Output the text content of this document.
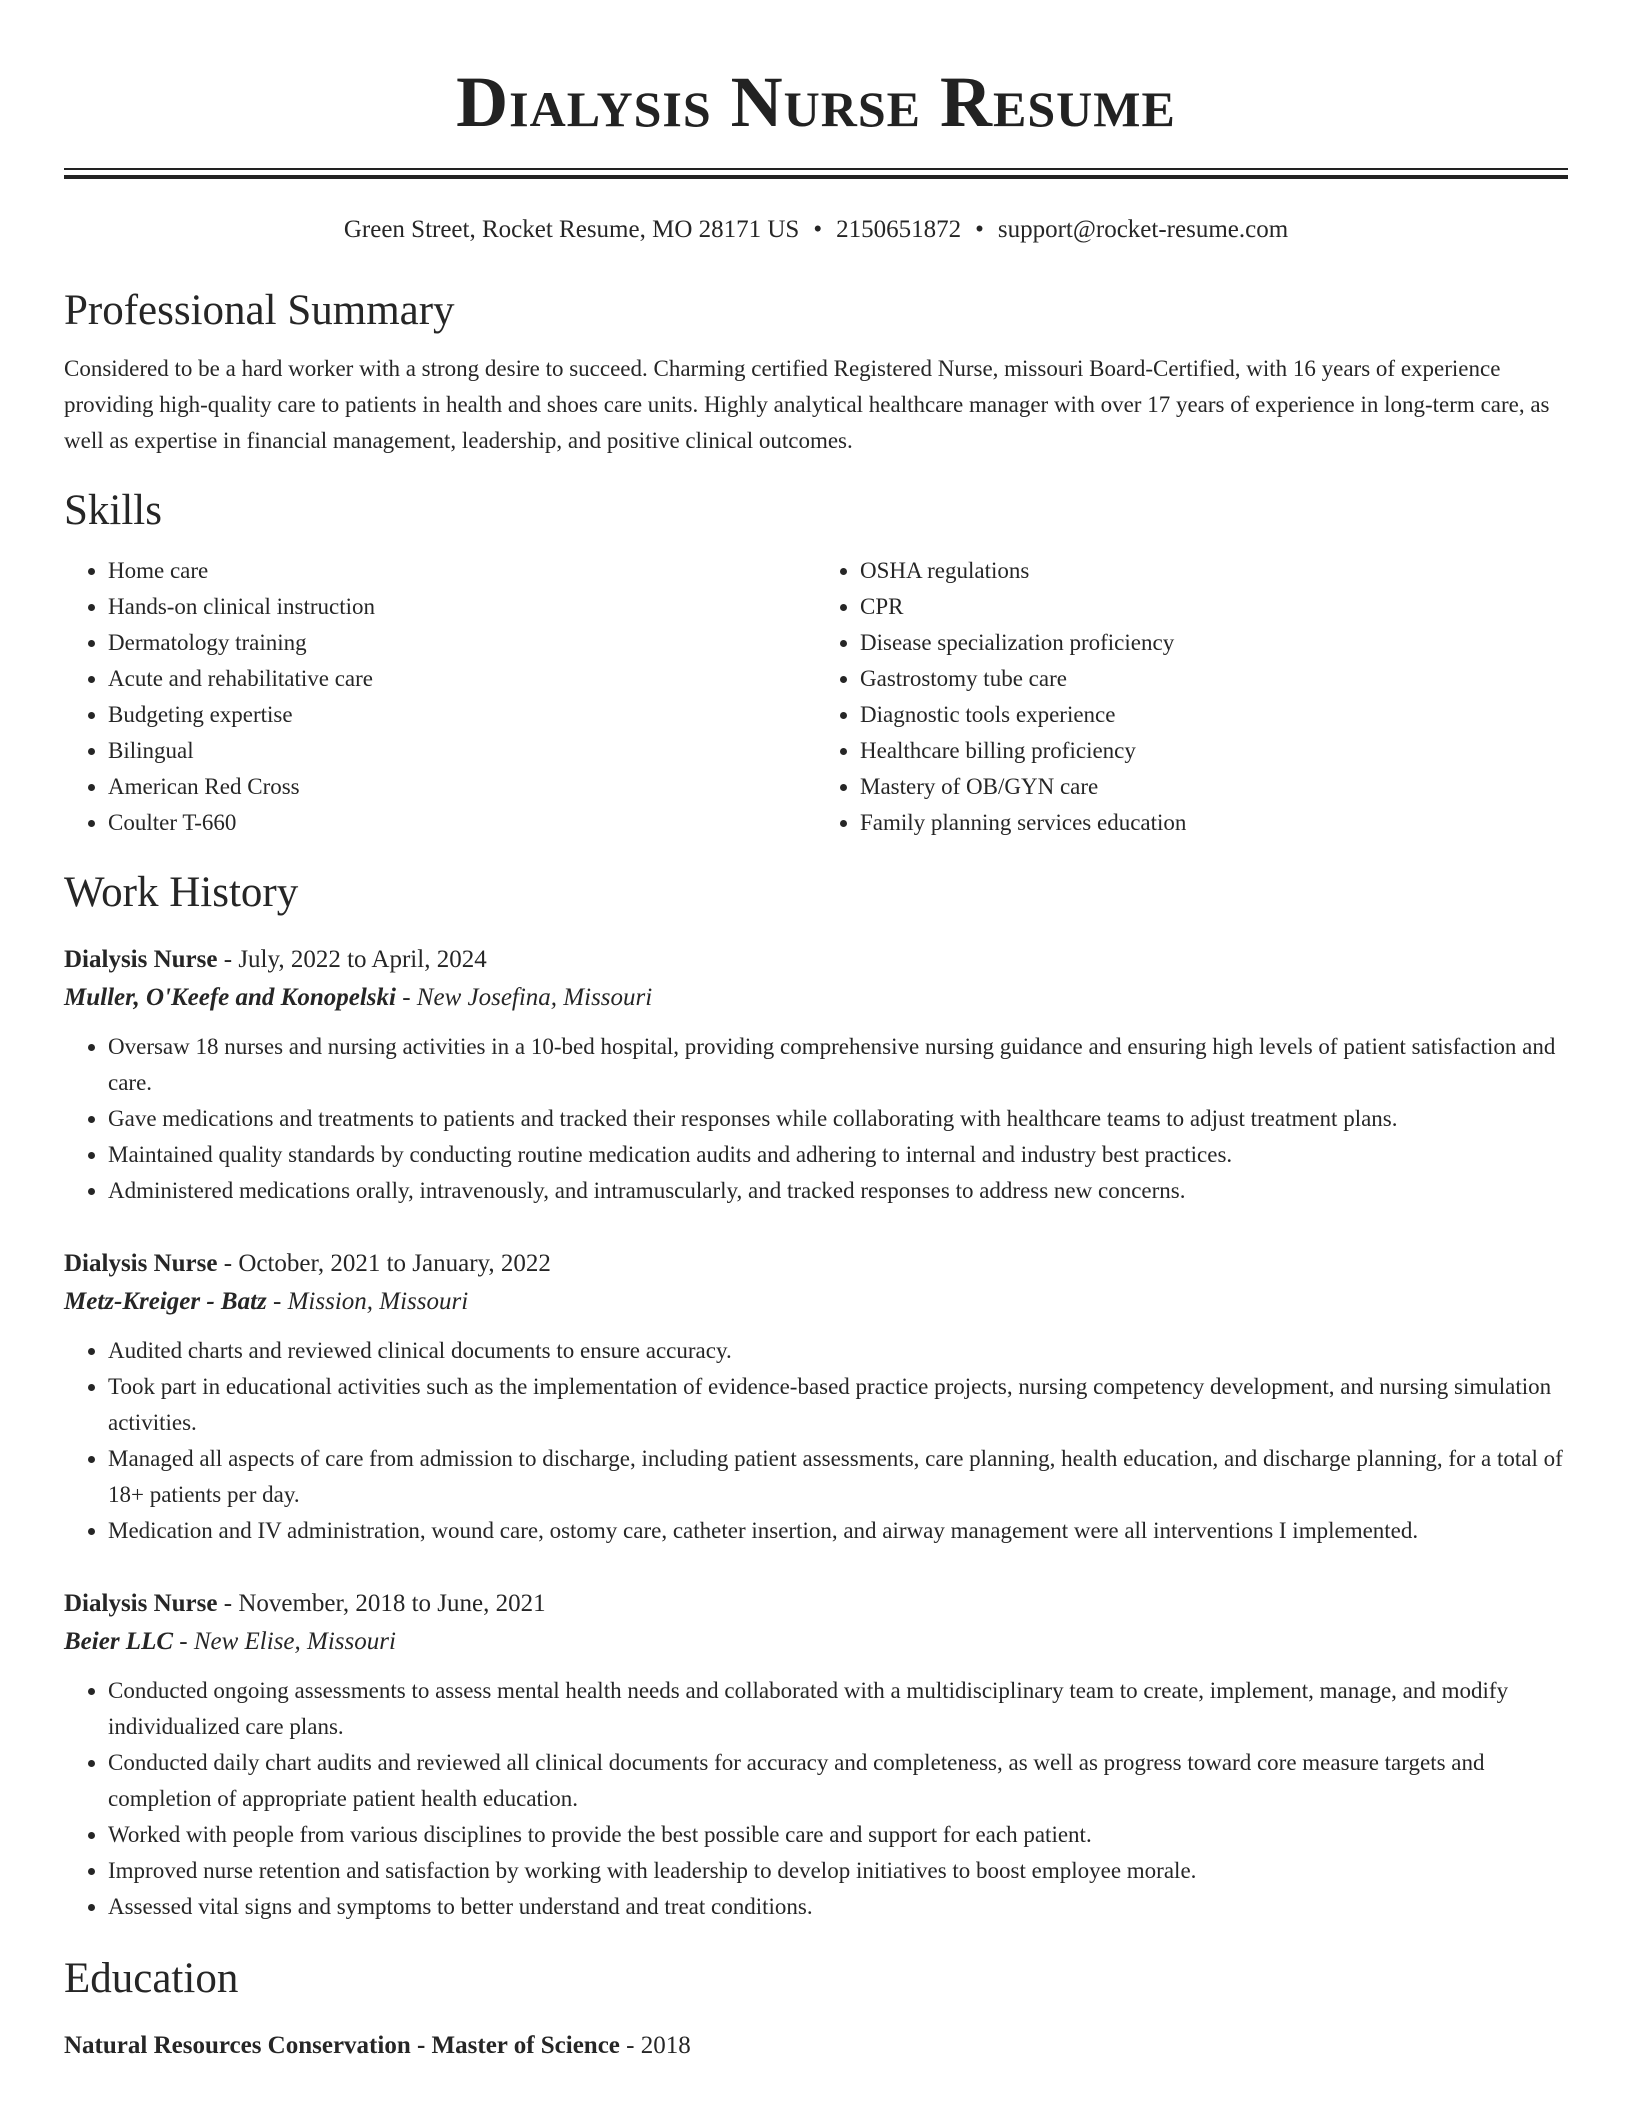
Dialysis Nurse Resume
Green Street, Rocket Resume, MO 28171 US • 2150651872 • support@rocket-resume.com
Professional Summary

Considered to be a hard worker with a strong desire to succeed. Charming certified Registered Nurse, missouri Board-Certified, with 16 years of experience providing high-quality care to patients in health and shoes care units. Highly analytical healthcare manager with over 17 years of experience in long-term care, as well as expertise in financial management, leadership, and positive clinical outcomes.

Skills
• Home care
• Hands-on clinical instruction
• Dermatology training
• Acute and rehabilitative care
• Budgeting expertise
• Bilingual
• American Red Cross
• Coulter T-660
• OSHA regulations
• CPR
• Disease specialization proficiency
• Gastrostomy tube care
• Diagnostic tools experience
• Healthcare billing proficiency
• Mastery of OB/GYN care
• Family planning services education
Work History
Dialysis Nurse - July, 2022 to April, 2024
Muller, O'Keefe and Konopelski - New Josefina, Missouri
• Oversaw 18 nurses and nursing activities in a 10-bed hospital, providing comprehensive nursing guidance and ensuring high levels of patient satisfaction and care.
• Gave medications and treatments to patients and tracked their responses while collaborating with healthcare teams to adjust treatment plans.
• Maintained quality standards by conducting routine medication audits and adhering to internal and industry best practices.
• Administered medications orally, intravenously, and intramuscularly, and tracked responses to address new concerns.
Dialysis Nurse - October, 2021 to January, 2022
Metz-Kreiger - Batz - Mission, Missouri
• Audited charts and reviewed clinical documents to ensure accuracy.
• Took part in educational activities such as the implementation of evidence-based practice projects, nursing competency development, and nursing simulation activities.
• Managed all aspects of care from admission to discharge, including patient assessments, care planning, health education, and discharge planning, for a total of 18+ patients per day.
• Medication and IV administration, wound care, ostomy care, catheter insertion, and airway management were all interventions I implemented.
Dialysis Nurse - November, 2018 to June, 2021
Beier LLC - New Elise, Missouri
• Conducted ongoing assessments to assess mental health needs and collaborated with a multidisciplinary team to create, implement, manage, and modify individualized care plans.
• Conducted daily chart audits and reviewed all clinical documents for accuracy and completeness, as well as progress toward core measure targets and completion of appropriate patient health education.
• Worked with people from various disciplines to provide the best possible care and support for each patient.
• Improved nurse retention and satisfaction by working with leadership to develop initiatives to boost employee morale.
• Assessed vital signs and symptoms to better understand and treat conditions.
Education
Natural Resources Conservation - Master of Science - 2018
